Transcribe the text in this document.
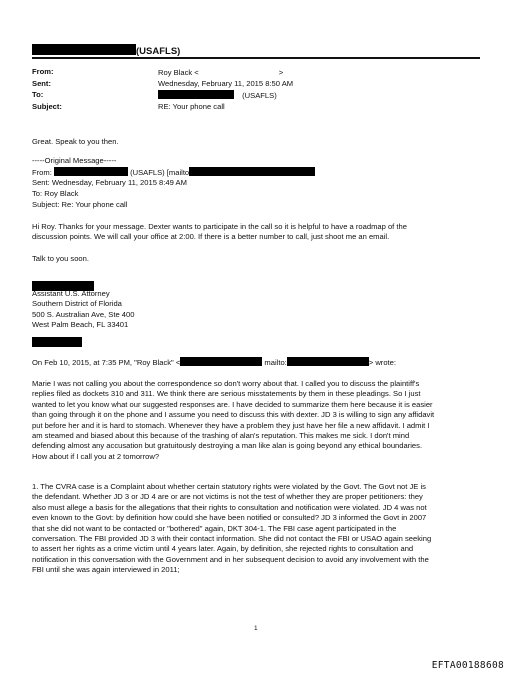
(USAFLS)
From:	Roy Black <	>
Sent:	Wednesday, February 11, 2015 8:50 AM
To:	(USAFLS)
Subject:	RE: Your phone call
Great. Speak to you then.
-----Original Message-----
From:	(USAFLS) [mailto
Sent: Wednesday, February 11, 2015 8:49 AM
To: Roy Black
Subject: Re: Your phone call
Hi Roy. Thanks for your message. Dexter wants to participate in the call so it is helpful to have a roadmap of the
discussion points. We will call your office at 2:00. If there is a better number to call, just shoot me an email.
Talk to you soon.
Assistant U.S. Attorney
Southern District of Florida
500 S. Australian Ave, Ste 400
West Palm Beach, FL 33401
On Feb 10, 2015, at 7:35 PM, "Roy Black" <	mailto:	> wrote:
Marie I was not calling you about the correspondence so don't worry about that. I called you to discuss the plaintiff's
replies filed as dockets 310 and 311. We think there are serious misstatements by them in these pleadings. So I just
wanted to let you know what our suggested responses are. I have decided to summarize them here because it is easier
than going through it on the phone and I assume you need to discuss this with dexter. JD 3 is willing to sign any affidavit
put before her and it is hard to stomach. Whenever they have a problem they just have her file a new affidavit. I admit I
am steamed and biased about this because of the trashing of alan's reputation. This makes me sick. I don't mind
defending almost any accusation but gratuitously destroying a man like alan is going beyond any ethical boundaries.
How about if I call you at 2 tomorrow?
1. The CVRA case is a Complaint about whether certain statutory rights were violated by the Govt. The Govt not JE is
the defendant. Whether JD 3 or JD 4 are or are not victims is not the test of whether they are proper petitioners: they
also must allege a basis for the allegations that their rights to consultation and notification were violated. JD 4 was not
even known to the Govt: by definition how could she have been notified or consulted? JD 3 informed the Govt in 2007
that she did not want to be contacted or "bothered" again, DKT 304-1. The FBI case agent participated in the
conversation. The FBI provided JD 3 with their contact information. She did not contact the FBI or USAO again seeking
to assert her rights as a crime victim until 4 years later. Again, by definition, she rejected rights to consultation and
notification in this conversation with the Government and in her subsequent decision to avoid any involvement with the
FBI until she was again interviewed in 2011;
1
EFTA00188608
